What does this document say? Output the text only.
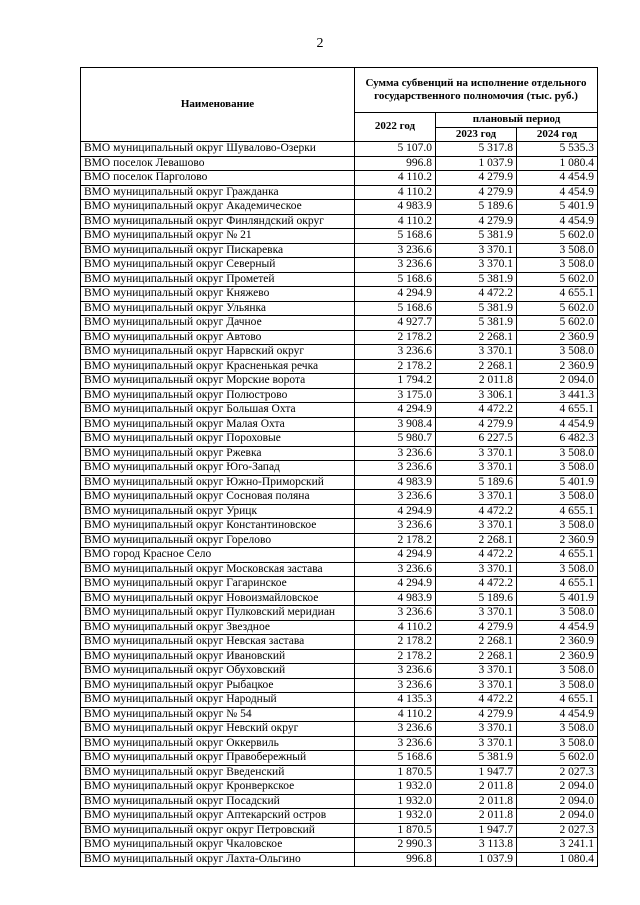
2
Наименование	Сумма субвенций на исполнение отдельного государственного полномочия (тыс. руб.)		
	2022 год	плановый период	
		2023 год	2024 год
ВМО муниципальный округ Шувалово-Озерки	5 107.0	5 317.8	5 535.3
ВМО поселок Левашово	996.8	1 037.9	1 080.4
ВМО поселок Парголово	4 110.2	4 279.9	4 454.9
ВМО муниципальный округ Гражданка	4 110.2	4 279.9	4 454.9
ВМО муниципальный округ Академическое	4 983.9	5 189.6	5 401.9
ВМО муниципальный округ Финляндский округ	4 110.2	4 279.9	4 454.9
ВМО муниципальный округ № 21	5 168.6	5 381.9	5 602.0
ВМО муниципальный округ Пискаревка	3 236.6	3 370.1	3 508.0
ВМО муниципальный округ Северный	3 236.6	3 370.1	3 508.0
ВМО муниципальный округ Прометей	5 168.6	5 381.9	5 602.0
ВМО муниципальный округ Княжево	4 294.9	4 472.2	4 655.1
ВМО муниципальный округ Ульянка	5 168.6	5 381.9	5 602.0
ВМО муниципальный округ Дачное	4 927.7	5 381.9	5 602.0
ВМО муниципальный округ Автово	2 178.2	2 268.1	2 360.9
ВМО муниципальный округ Нарвский округ	3 236.6	3 370.1	3 508.0
ВМО муниципальный округ Красненькая речка	2 178.2	2 268.1	2 360.9
ВМО муниципальный округ Морские ворота	1 794.2	2 011.8	2 094.0
ВМО муниципальный округ Полюстрово	3 175.0	3 306.1	3 441.3
ВМО муниципальный округ Большая Охта	4 294.9	4 472.2	4 655.1
ВМО муниципальный округ Малая Охта	3 908.4	4 279.9	4 454.9
ВМО муниципальный округ Пороховые	5 980.7	6 227.5	6 482.3
ВМО муниципальный округ Ржевка	3 236.6	3 370.1	3 508.0
ВМО муниципальный округ Юго-Запад	3 236.6	3 370.1	3 508.0
ВМО муниципальный округ Южно-Приморский	4 983.9	5 189.6	5 401.9
ВМО муниципальный округ Сосновая поляна	3 236.6	3 370.1	3 508.0
ВМО муниципальный округ Урицк	4 294.9	4 472.2	4 655.1
ВМО муниципальный округ Константиновское	3 236.6	3 370.1	3 508.0
ВМО муниципальный округ Горелово	2 178.2	2 268.1	2 360.9
ВМО город Красное Село	4 294.9	4 472.2	4 655.1
ВМО муниципальный округ Московская застава	3 236.6	3 370.1	3 508.0
ВМО муниципальный округ Гагаринское	4 294.9	4 472.2	4 655.1
ВМО муниципальный округ Новоизмайловское	4 983.9	5 189.6	5 401.9
ВМО муниципальный округ Пулковский меридиан	3 236.6	3 370.1	3 508.0
ВМО муниципальный округ Звездное	4 110.2	4 279.9	4 454.9
ВМО муниципальный округ Невская застава	2 178.2	2 268.1	2 360.9
ВМО муниципальный округ Ивановский	2 178.2	2 268.1	2 360.9
ВМО муниципальный округ Обуховский	3 236.6	3 370.1	3 508.0
ВМО муниципальный округ Рыбацкое	3 236.6	3 370.1	3 508.0
ВМО муниципальный округ Народный	4 135.3	4 472.2	4 655.1
ВМО муниципальный округ № 54	4 110.2	4 279.9	4 454.9
ВМО муниципальный округ Невский округ	3 236.6	3 370.1	3 508.0
ВМО муниципальный округ Оккервиль	3 236.6	3 370.1	3 508.0
ВМО муниципальный округ Правобережный	5 168.6	5 381.9	5 602.0
ВМО муниципальный округ Введенский	1 870.5	1 947.7	2 027.3
ВМО муниципальный округ Кронверкское	1 932.0	2 011.8	2 094.0
ВМО муниципальный округ Посадский	1 932.0	2 011.8	2 094.0
ВМО муниципальный округ Аптекарский остров	1 932.0	2 011.8	2 094.0
ВМО муниципальный округ округ Петровский	1 870.5	1 947.7	2 027.3
ВМО муниципальный округ Чкаловское	2 990.3	3 113.8	3 241.1
ВМО муниципальный округ Лахта-Ольгино	996.8	1 037.9	1 080.4
